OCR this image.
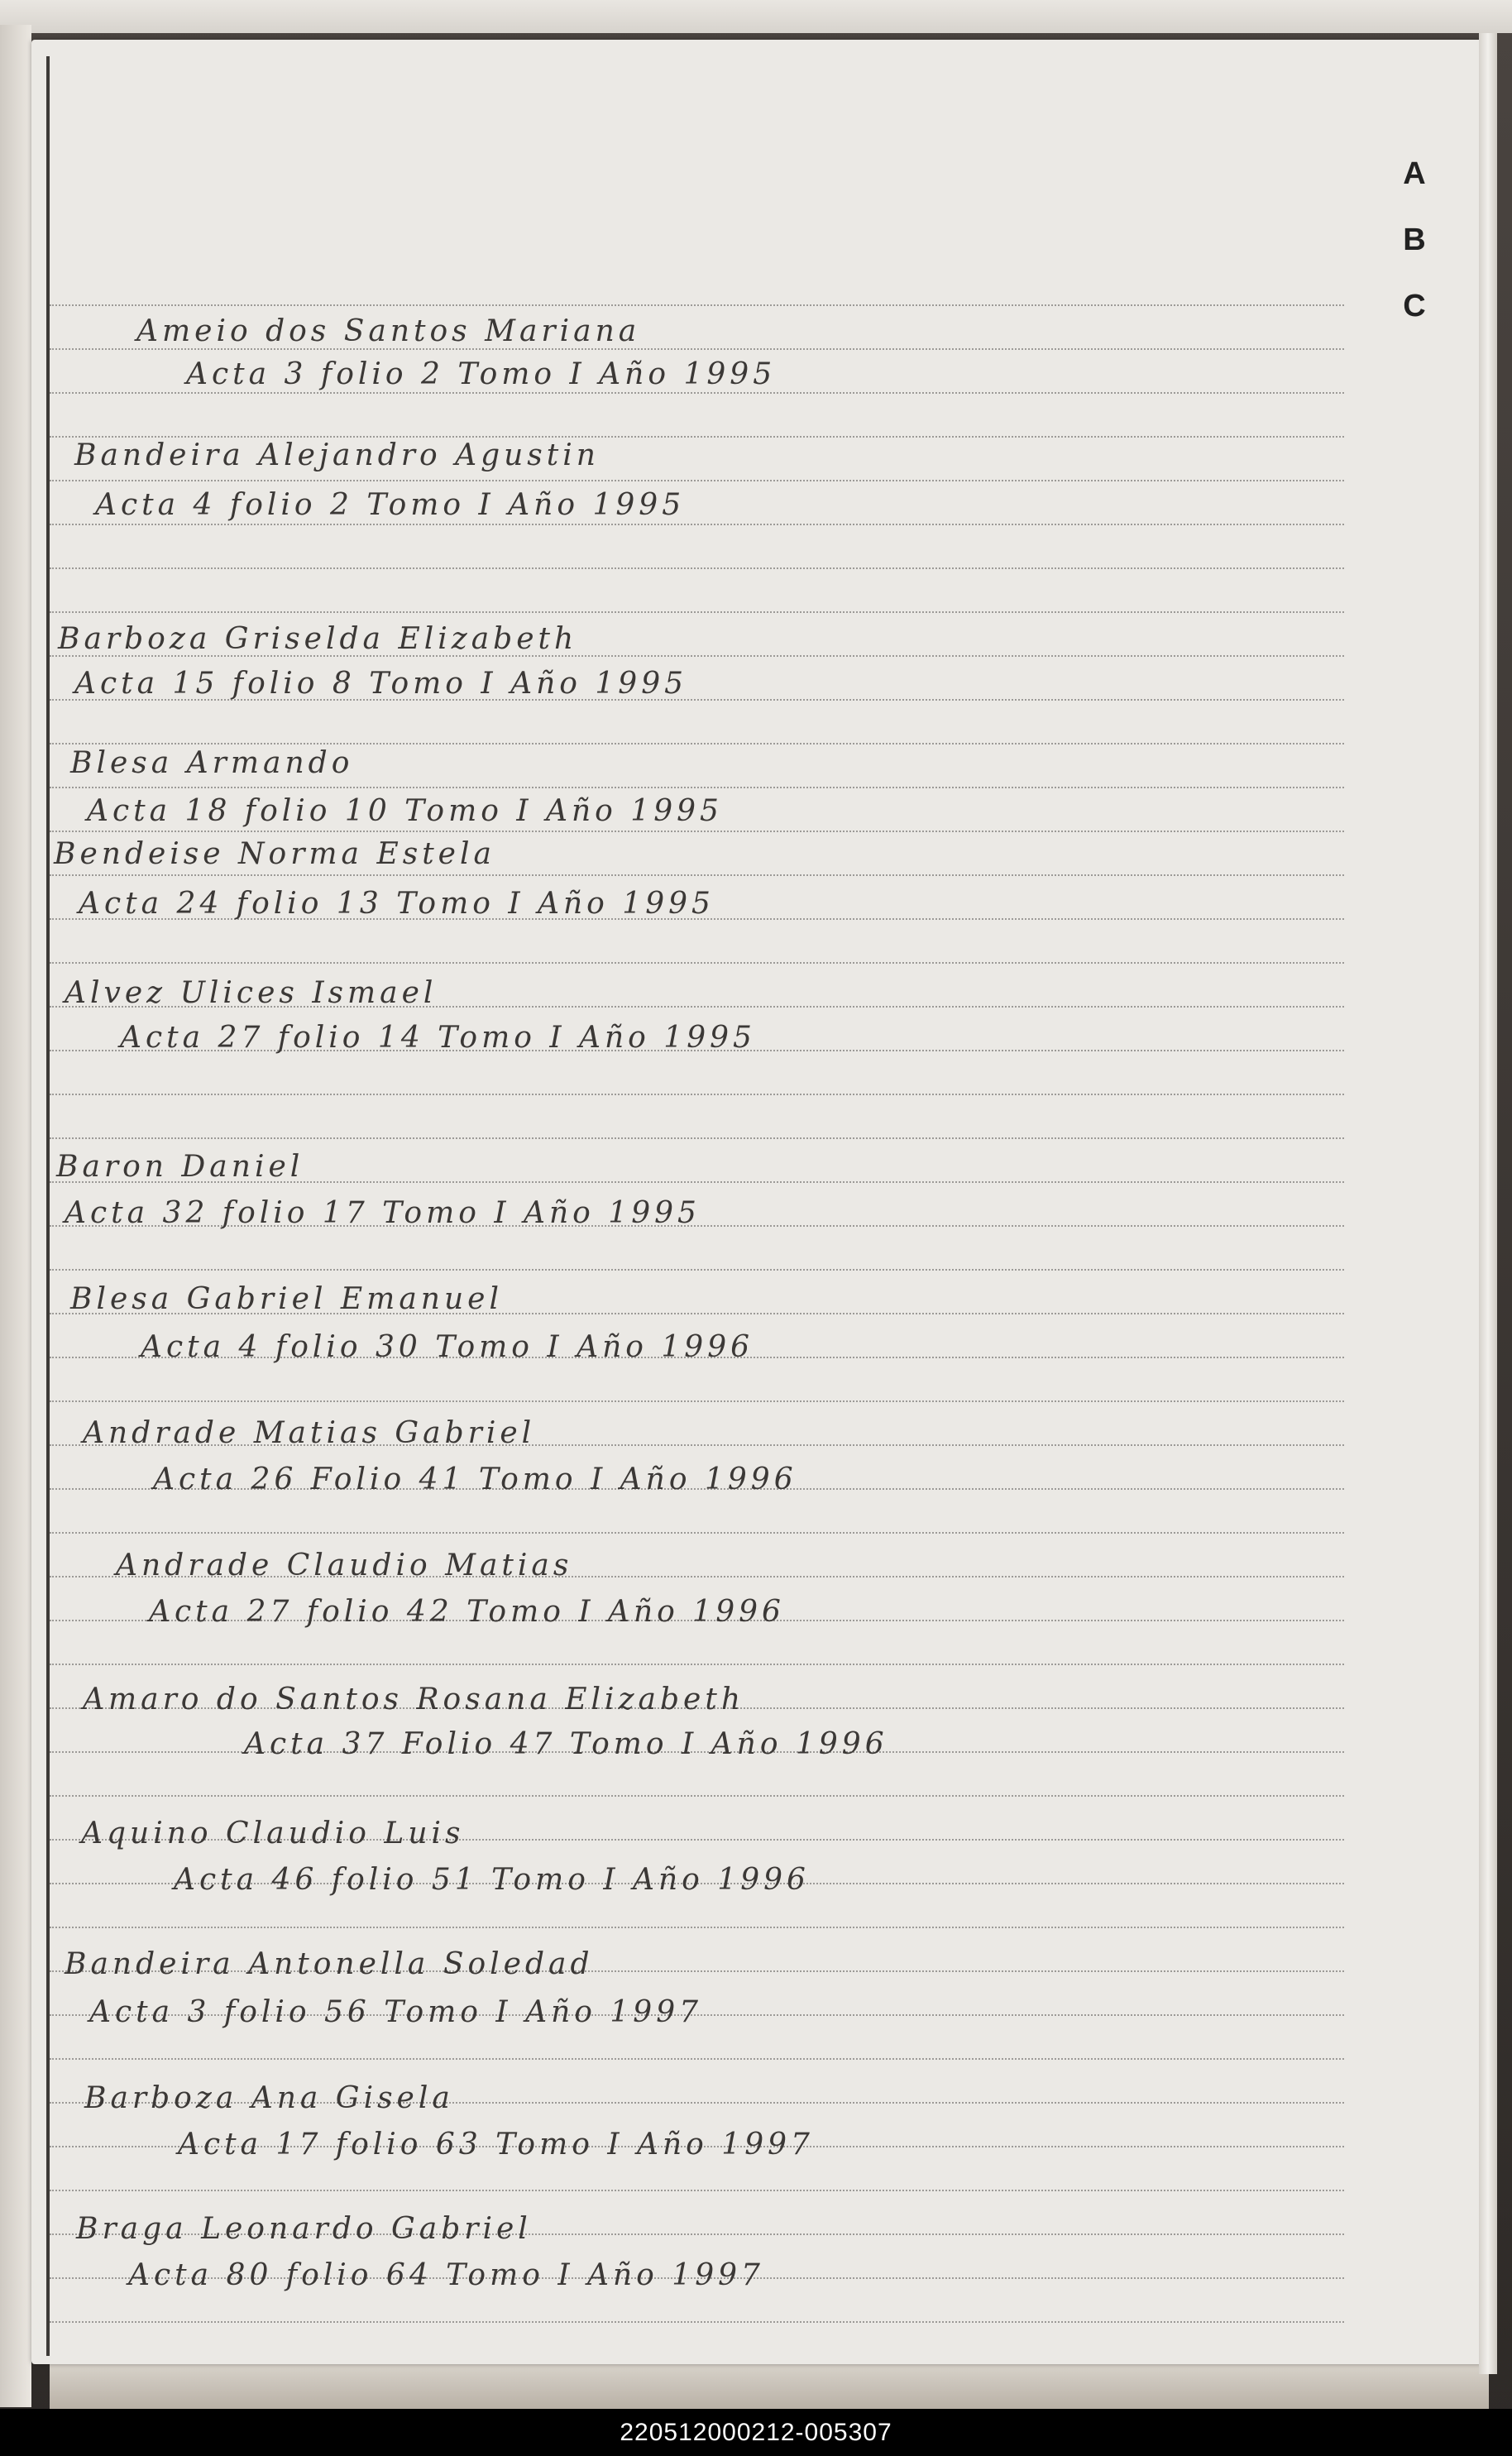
A
B
C
Ameio dos Santos Mariana
Acta 3 folio 2 Tomo I Año 1995
Bandeira Alejandro Agustin
Acta 4 folio 2 Tomo I Año 1995
Barboza Griselda Elizabeth
Acta 15 folio 8 Tomo I Año 1995
Blesa Armando
Acta 18 folio 10 Tomo I Año 1995
Bendeise Norma Estela
Acta 24 folio 13 Tomo I Año 1995
Alvez Ulices Ismael
Acta 27 folio 14 Tomo I Año 1995
Baron Daniel
Acta 32 folio 17 Tomo I Año 1995
Blesa Gabriel Emanuel
Acta 4 folio 30 Tomo I Año 1996
Andrade Matias Gabriel
Acta 26 Folio 41 Tomo I Año 1996
Andrade Claudio Matias
Acta 27 folio 42 Tomo I Año 1996
Amaro do Santos Rosana Elizabeth
Acta 37 Folio 47 Tomo I Año 1996
Aquino Claudio Luis
Acta 46 folio 51 Tomo I Año 1996
Bandeira Antonella Soledad
Acta 3 folio 56 Tomo I Año 1997
Barboza Ana Gisela
Acta 17 folio 63 Tomo I Año 1997
Braga Leonardo Gabriel
Acta 80 folio 64 Tomo I Año 1997
220512000212-005307
